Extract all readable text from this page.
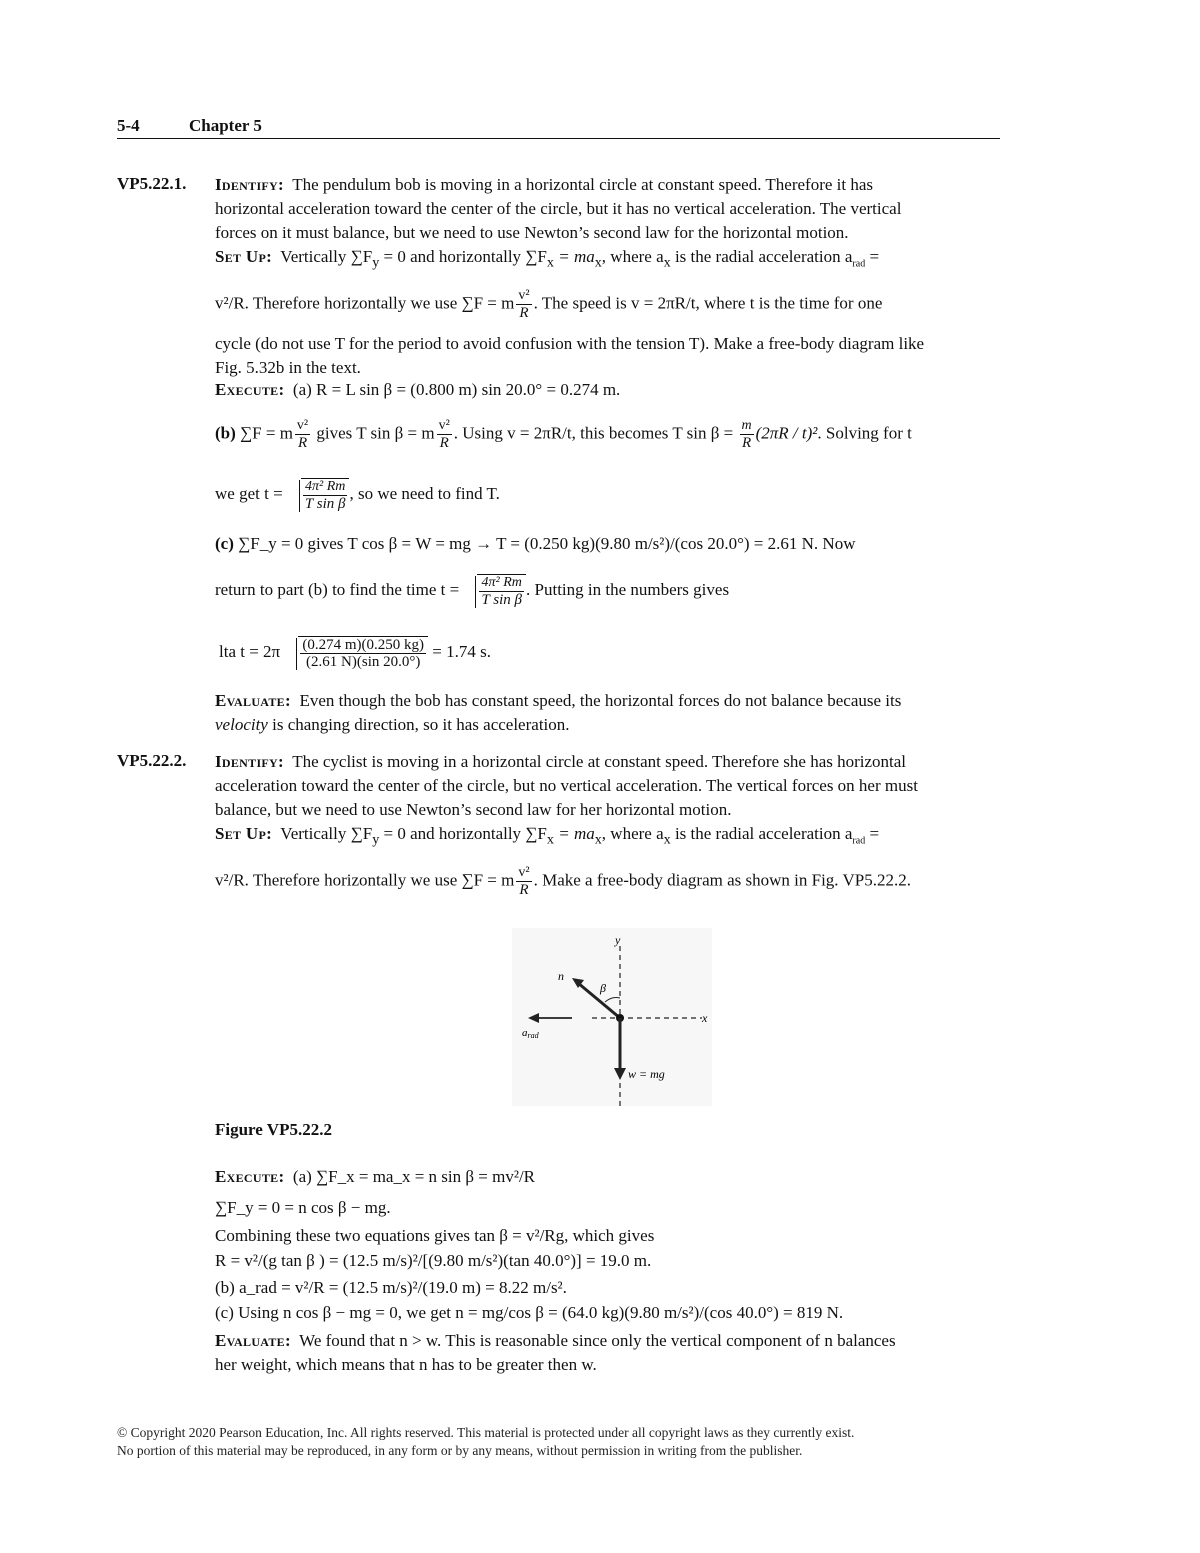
5-4	Chapter 5
VP5.22.1. Identify: The pendulum bob is moving in a horizontal circle at constant speed. Therefore it has
horizontal acceleration toward the center of the circle, but it has no vertical acceleration. The vertical
forces on it must balance, but we need to use Newton’s second law for the horizontal motion.
Set Up: Vertically $\sum F_y = 0$ and horizontally $\sum F_x = ma_x$, where $a_x$ is the radial acceleration $a_{rad}$ =
v²/R. Therefore horizontally we use ∑F = m $\frac{\text{v²}}{R}$ . The speed is v = 2πR/t, where t is the time for one
cycle (do not use T for the period to avoid confusion with the tension T). Make a free-body diagram like
Fig. 5.32b in the text.
Execute: (a) R = L sin β = (0.800 m) sin 20.0° = 0.274 m.
(b) ∑F = m $\frac{\text{v²}}{R}$ gives T sin β = m $\frac{\text{v²}}{R}$ . Using v = 2πR/t, this becomes T $\sin \beta = \frac{m}{R} (2\pi R / t)^2$. Solving for t
we get $t = \frac{\text{4π² Rm}}{\text{T sin β}}$ , so we need to find T.
(c) ∑F_y = 0 gives T cos β = W = mg → T = (0.250 kg)(9.80 m/s²)/(cos 20.0°) = 2.61 N. Now
return to part (b) to find the time $t = \frac{\text{4π² Rm}}{\text{T sin β}}$ . Putting in the numbers gives
lta $t = 2\pi \frac{(0.274 m)(0.250 kg)}{(2.61 N)(\sin 20.0^\circ)} = 1.74$ s.
Evaluate: Even though the bob has constant speed, the horizontal forces do not balance because its
velocity is changing direction, so it has acceleration.
VP5.22.2. Identify: The cyclist is moving in a horizontal circle at constant speed. Therefore she has horizontal
acceleration toward the center of the circle, but no vertical acceleration. The vertical forces on her must
balance, but we need to use Newton’s second law for her horizontal motion.
Set Up: Vertically $\sum F_y = 0$ and horizontally $\sum F_x = ma_x$, where $a_x$ is the radial acceleration $a_{rad}$ =
v²/R. Therefore horizontally we use ∑F = m $\frac{\text{v²}}{R}$ . Make a free-body diagram as shown in Fig. VP5.22.2.
y
x
n
β
arad
w = mg
Figure VP5.22.2
Execute: (a) ∑F_x = ma_x = n sin β = mv²/R
∑F_y = 0 = n cos β − mg.
Combining these two equations gives tan β = v²/Rg, which gives
R = v²/(g tan β ) = (12.5 m/s)²/[(9.80 m/s²)(tan 40.0°)] = 19.0 m.
(b) a_rad = v²/R = (12.5 m/s)²/(19.0 m) = 8.22 m/s².
(c) Using n cos β − mg = 0, we get n = mg/cos β = (64.0 kg)(9.80 m/s²)/(cos 40.0°) = 819 N.
Evaluate: We found that n > w. This is reasonable since only the vertical component of n balances
her weight, which means that n has to be greater then w.
© Copyright 2020 Pearson Education, Inc. All rights reserved. This material is protected under all copyright laws as they currently exist.
No portion of this material may be reproduced, in any form or by any means, without permission in writing from the publisher.
